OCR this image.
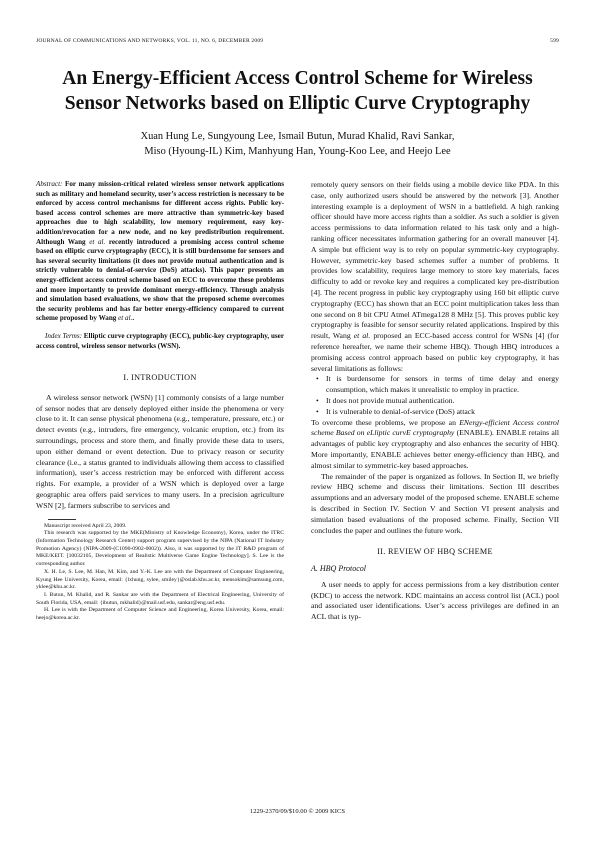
JOURNAL OF COMMUNICATIONS AND NETWORKS, VOL. 11, NO. 6, DECEMBER 2009	599
An Energy-Efficient Access Control Scheme for Wireless Sensor Networks based on Elliptic Curve Cryptography
Xuan Hung Le, Sungyoung Lee, Ismail Butun, Murad Khalid, Ravi Sankar,
Miso (Hyoung-IL) Kim, Manhyung Han, Young-Koo Lee, and Heejo Lee

Abstract: For many mission-critical related wireless sensor network applications such as military and homeland security, user’s access restriction is necessary to be enforced by access control mechanisms for different access rights. Public key-based access control schemes are more attractive than symmetric-key based approaches due to high scalability, low memory requirement, easy key-addition/revocation for a new node, and no key predistribution requirement. Although Wang et al. recently introduced a promising access control scheme based on elliptic curve cryptography (ECC), it is still burdensome for sensors and has several security limitations (it does not provide mutual authentication and is strictly vulnerable to denial-of-service (DoS) attacks). This paper presents an energy-efficient access control scheme based on ECC to overcome these problems and more importantly to provide dominant energy-efficiency. Through analysis and simulation based evaluations, we show that the proposed scheme overcomes the security problems and has far better energy-efficiency compared to current scheme proposed by Wang et al..

Index Terms: Elliptic curve cryptography (ECC), public-key cryptography, user access control, wireless sensor networks (WSN).

I. INTRODUCTION

A wireless sensor network (WSN) [1] commonly consists of a large number of sensor nodes that are densely deployed either inside the phenomena or very close to it. It can sense physical phenomena (e.g., temperature, pressure, etc.) or detect events (e.g., intruders, fire emergency, volcanic eruption, etc.) from its surroundings, process and store them, and finally provide these data to users, upon either demand or event detection. Due to privacy reason or security clearance (i.e., a status granted to individuals allowing them access to classified information), user’s access restriction may be enforced with different access rights. For example, a provider of a WSN which is deployed over a large geographic area offers paid services to many users. In a precision agriculture WSN [2], farmers subscribe to services and

Manuscript received April 23, 2009.

This research was supported by the MKE(Ministry of Knowledge Economy), Korea, under the ITRC (Information Technology Research Center) support program supervised by the NIPA (National IT Industry Promotion Agency) (NIPA-2009-(C1090-0902-0002)). Also, it was supported by the IT R&D program of MKE/KEIT. [10032105, Development of Realistic Multiverse Game Engine Technology]. S. Lee is the corresponding author.

X. H. Le, S. Lee, M. Han, M. Kim, and Y.-K. Lee are with the Department of Computer Engineering, Kyung Hee University, Korea, email: {lxhung, sylee, smiley}@oslab.khu.ac.kr, mensokim@samsung.com, yklee@khu.ac.kr.

I. Butun, M. Khalid, and R. Sankar are with the Department of Electrical Engineering, University of South Florida, USA, email: {ibutun, mkhalid}@mail.usf.edu, sankar@eng.usf.edu.

H. Lee is with the Department of Computer Science and Engineering, Korea University, Korea, email: heejo@korea.ac.kr.

remotely query sensors on their fields using a mobile device like PDA. In this case, only authorized users should be answered by the network [3]. Another interesting example is a deployment of WSN in a battlefield. A high ranking officer should have more access rights than a soldier. As such a soldier is given access permissions to data information related to his task only and a high-ranking officer necessitates information gathering for an overall maneuver [4]. A simple but efficient way is to rely on popular symmetric-key cryptography. However, symmetric-key based schemes suffer a number of problems. It provides low scalability, requires large memory to store key materials, faces difficulty to add or revoke key and requires a complicated key pre-distribution [4]. The recent progress in public key cryptography using 160 bit elliptic curve cryptography (ECC) has shown that an ECC point multiplication takes less than one second on 8 bit CPU Atmel ATmega128 8 MHz [5]. This proves public key cryptography is feasible for sensor security related applications. Inspired by this result, Wang et al. proposed an ECC-based access control for WSNs [4] (for reference hereafter, we name their scheme HBQ). Though HBQ introduces a promising access control approach based on public key cryptography, it has several limitations as follows:

• It is burdensome for sensors in terms of time delay and energy consumption, which makes it unrealistic to employ in practice.
• It does not provide mutual authentication.
• It is vulnerable to denial-of-service (DoS) attack

To overcome these problems, we propose an ENergy-efficient Access control scheme Based on eLliptic curvE cryptography (ENABLE). ENABLE retains all advantages of public key cryptography and also enhances the security of HBQ. More importantly, ENABLE achieves better energy-efficiency than HBQ, and almost similar to symmetric-key based approaches.

The remainder of the paper is organized as follows. In Section II, we briefly review HBQ scheme and discuss their limitations. Section III describes assumptions and an adversary model of the proposed scheme. ENABLE scheme is described in Section IV. Section V and Section VI present analysis and simulation based evaluations of the proposed scheme. Finally, Section VII concludes the paper and outlines the future work.

II. REVIEW OF HBQ SCHEME
A. HBQ Protocol

A user needs to apply for access permissions from a key distribution center (KDC) to access the network. KDC maintains an access control list (ACL) pool and associated user identifications. User’s access privileges are defined in an ACL that is typ-

1229-2370/09/$10.00 © 2009 KICS
